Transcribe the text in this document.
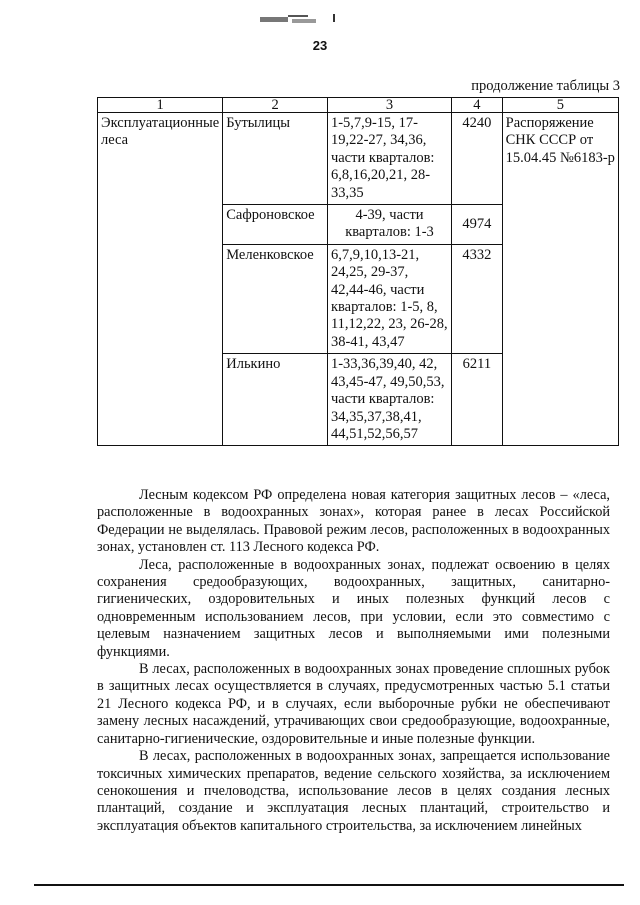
23
продолжение таблицы 3
1	2	3	4	5
Эксплуатационные леса	Бутылицы	1-5,7,9-15, 17-19,22-27, 34,36, части кварталов: 6,8,16,20,21, 28-33,35	4240	Распоряжение СНК СССР от 15.04.45 №6183-р
	Сафроновское	4-39, части кварталов: 1-3	4974	
	Меленковское	6,7,9,10,13-21, 24,25, 29-37, 42,44-46, части кварталов: 1-5, 8, 11,12,22, 23, 26-28, 38-41, 43,47	4332	
	Илькино	1-33,36,39,40, 42, 43,45-47, 49,50,53, части кварталов: 34,35,37,38,41, 44,51,52,56,57	6211	

Лесным кодексом РФ определена новая категория защитных лесов – «леса, расположенные в водоохранных зонах», которая ранее в лесах Российской Федерации не выделялась. Правовой режим лесов, расположенных в водоохранных зонах, установлен ст. 113 Лесного кодекса РФ.

Леса, расположенные в водоохранных зонах, подлежат освоению в целях сохранения средообразующих, водоохранных, защитных, санитарно-гигиенических, оздоровительных и иных полезных функций лесов с одновременным использованием лесов, при условии, если это совместимо с целевым назначением защитных лесов и выполняемыми ими полезными функциями.

В лесах, расположенных в водоохранных зонах проведение сплошных рубок в защитных лесах осуществляется в случаях, предусмотренных частью 5.1 статьи 21 Лесного кодекса РФ, и в случаях, если выборочные рубки не обеспечивают замену лесных насаждений, утрачивающих свои средообразующие, водоохранные, санитарно-гигиенические, оздоровительные и иные полезные функции.

В лесах, расположенных в водоохранных зонах, запрещается использование токсичных химических препаратов, ведение сельского хозяйства, за исключением сенокошения и пчеловодства, использование лесов в целях создания лесных плантаций, создание и эксплуатация лесных плантаций, строительство и эксплуатация объектов капитального строительства, за исключением линейных
